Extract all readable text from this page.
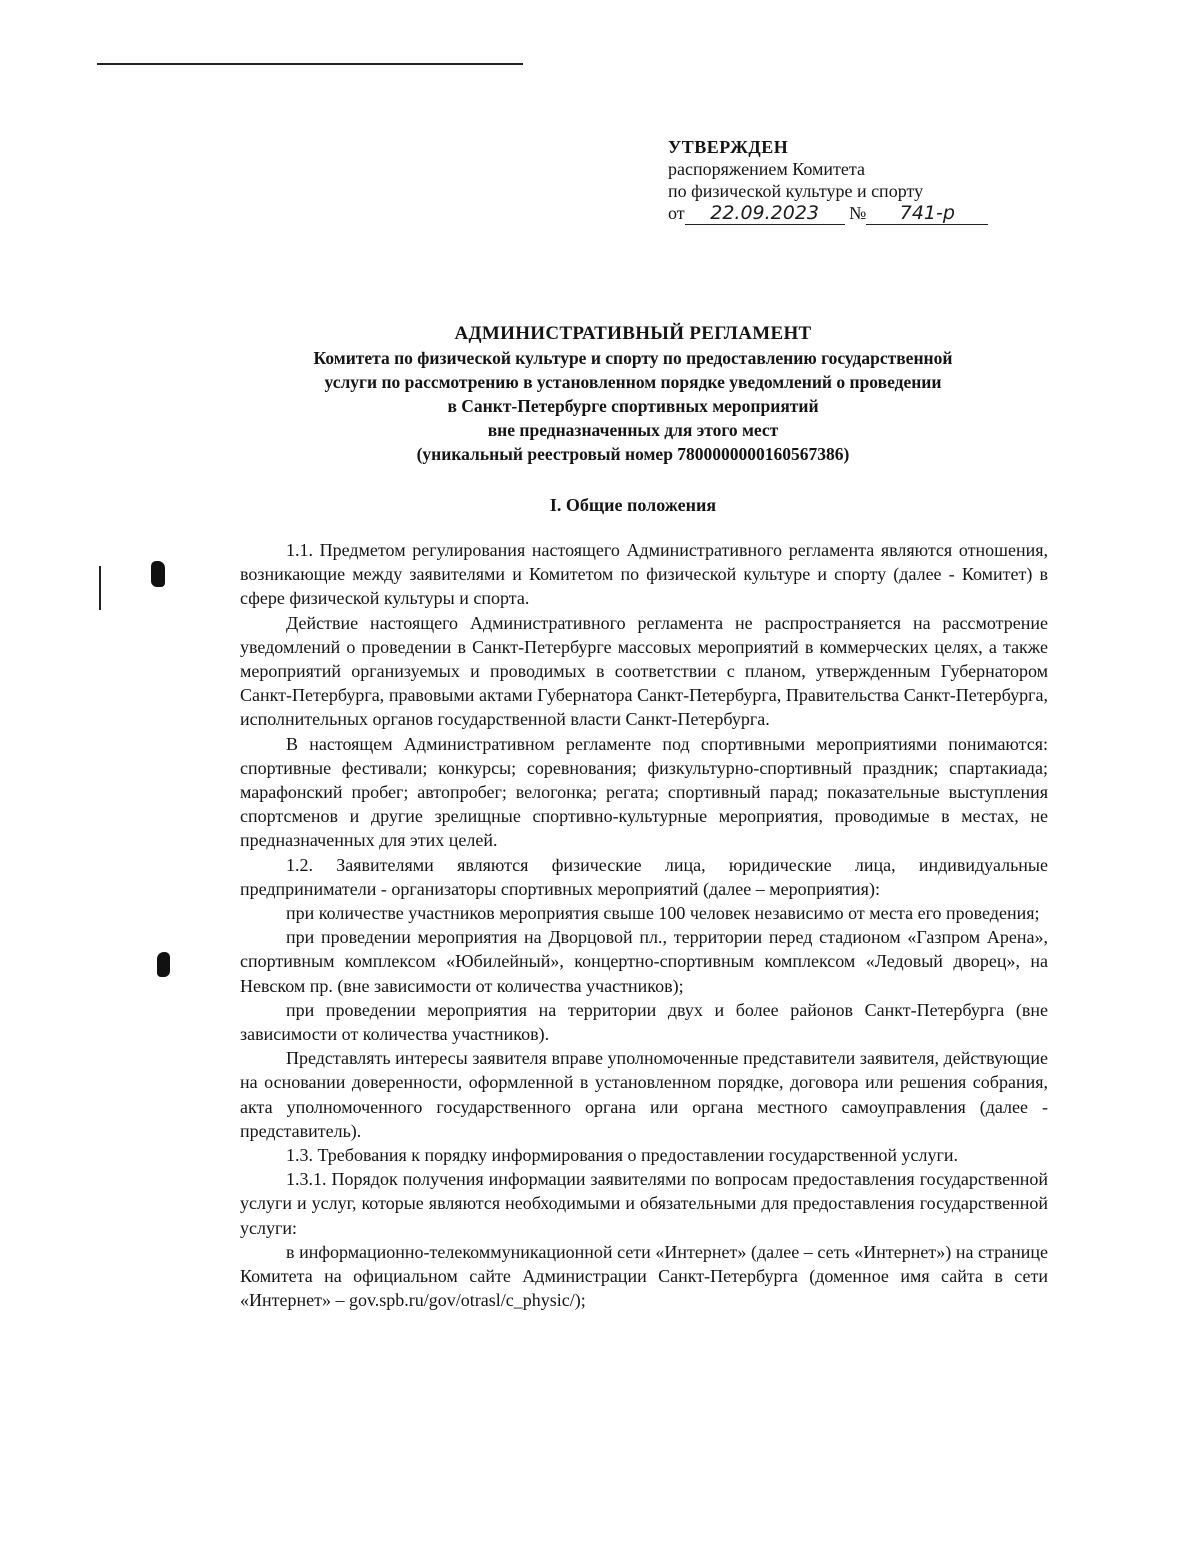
УТВЕРЖДЕН
распоряжением Комитета
по физической культуре и спорту
от 22.09.2023 № 741-р
АДМИНИСТРАТИВНЫЙ РЕГЛАМЕНТ
Комитета по физической культуре и спорту по предоставлению государственной
услуги по рассмотрению в установленном порядке уведомлений о проведении
в Санкт-Петербурге спортивных мероприятий
вне предназначенных для этого мест
(уникальный реестровый номер 7800000000160567386)
I. Общие положения

1.1. Предметом регулирования настоящего Административного регламента являются отношения, возникающие между заявителями и Комитетом по физической культуре и спорту (далее - Комитет) в сфере физической культуры и спорта.

Действие настоящего Административного регламента не распространяется на рассмотрение уведомлений о проведении в Санкт-Петербурге массовых мероприятий в коммерческих целях, а также мероприятий организуемых и проводимых в соответствии с планом, утвержденным Губернатором Санкт-Петербурга, правовыми актами Губернатора Санкт-Петербурга, Правительства Санкт-Петербурга, исполнительных органов государственной власти Санкт-Петербурга.

В настоящем Административном регламенте под спортивными мероприятиями понимаются: спортивные фестивали; конкурсы; соревнования; физкультурно-спортивный праздник; спартакиада; марафонский пробег; автопробег; велогонка; регата; спортивный парад; показательные выступления спортсменов и другие зрелищные спортивно-культурные мероприятия, проводимые в местах, не предназначенных для этих целей.

1.2. Заявителями являются физические лица, юридические лица, индивидуальные предприниматели - организаторы спортивных мероприятий (далее – мероприятия):

при количестве участников мероприятия свыше 100 человек независимо от места его проведения;

при проведении мероприятия на Дворцовой пл., территории перед стадионом «Газпром Арена», спортивным комплексом «Юбилейный», концертно-спортивным комплексом «Ледовый дворец», на Невском пр. (вне зависимости от количества участников);

при проведении мероприятия на территории двух и более районов Санкт-Петербурга (вне зависимости от количества участников).

Представлять интересы заявителя вправе уполномоченные представители заявителя, действующие на основании доверенности, оформленной в установленном порядке, договора или решения собрания, акта уполномоченного государственного органа или органа местного самоуправления (далее - представитель).

1.3. Требования к порядку информирования о предоставлении государственной услуги.

1.3.1. Порядок получения информации заявителями по вопросам предоставления государственной услуги и услуг, которые являются необходимыми и обязательными для предоставления государственной услуги:

в информационно-телекоммуникационной сети «Интернет» (далее – сеть «Интернет») на странице Комитета на официальном сайте Администрации Санкт-Петербурга (доменное имя сайта в сети «Интернет» – gov.spb.ru/gov/otrasl/c_physic/);
